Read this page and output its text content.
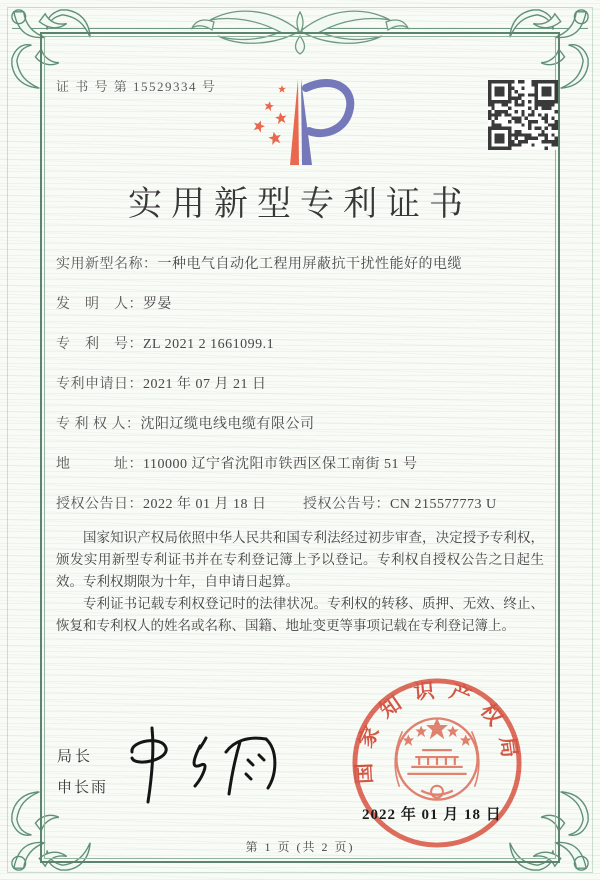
证 书 号 第 15529334 号
实用新型专利证书
实用新型名称：一种电气自动化工程用屏蔽抗干扰性能好的电缆
发　明　人：罗晏
专　利　号：ZL 2021 2 1661099.1
专利申请日：2021 年 07 月 21 日
专 利 权 人：沈阳辽缆电线电缆有限公司
地　　　址：110000 辽宁省沈阳市铁西区保工南街 51 号
授权公告日：2022 年 01 月 18 日	授权公告号：CN 215577773 U

国家知识产权局依照中华人民共和国专利法经过初步审查，决定授予专利权，颁发实用新型专利证书并在专利登记簿上予以登记。专利权自授权公告之日起生效。专利权期限为十年，自申请日起算。

专利证书记载专利权登记时的法律状况。专利权的转移、质押、无效、终止、恢复和专利权人的姓名或名称、国籍、地址变更等事项记载在专利登记簿上。

局长
申长雨
国家知识产权局
2022 年 01 月 18 日
第 1 页 (共 2 页)
